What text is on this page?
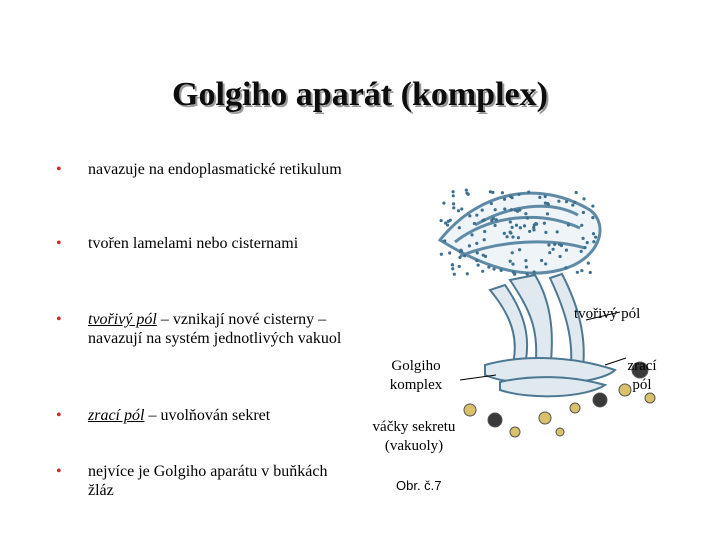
Golgiho aparát (komplex)
• navazuje na endoplasmatické retikulum
• tvořen lamelami nebo cisternami
• tvořivý pól – vznikají nové cisterny – navazují na systém jednotlivých vakuol
• zrací pól – uvolňován sekret
• nejvíce je Golgiho aparátu v buňkách žláz
tvořivý pól
Golgiho komplex
zrací pól
váčky sekretu (vakuoly)
Obr. č.7
